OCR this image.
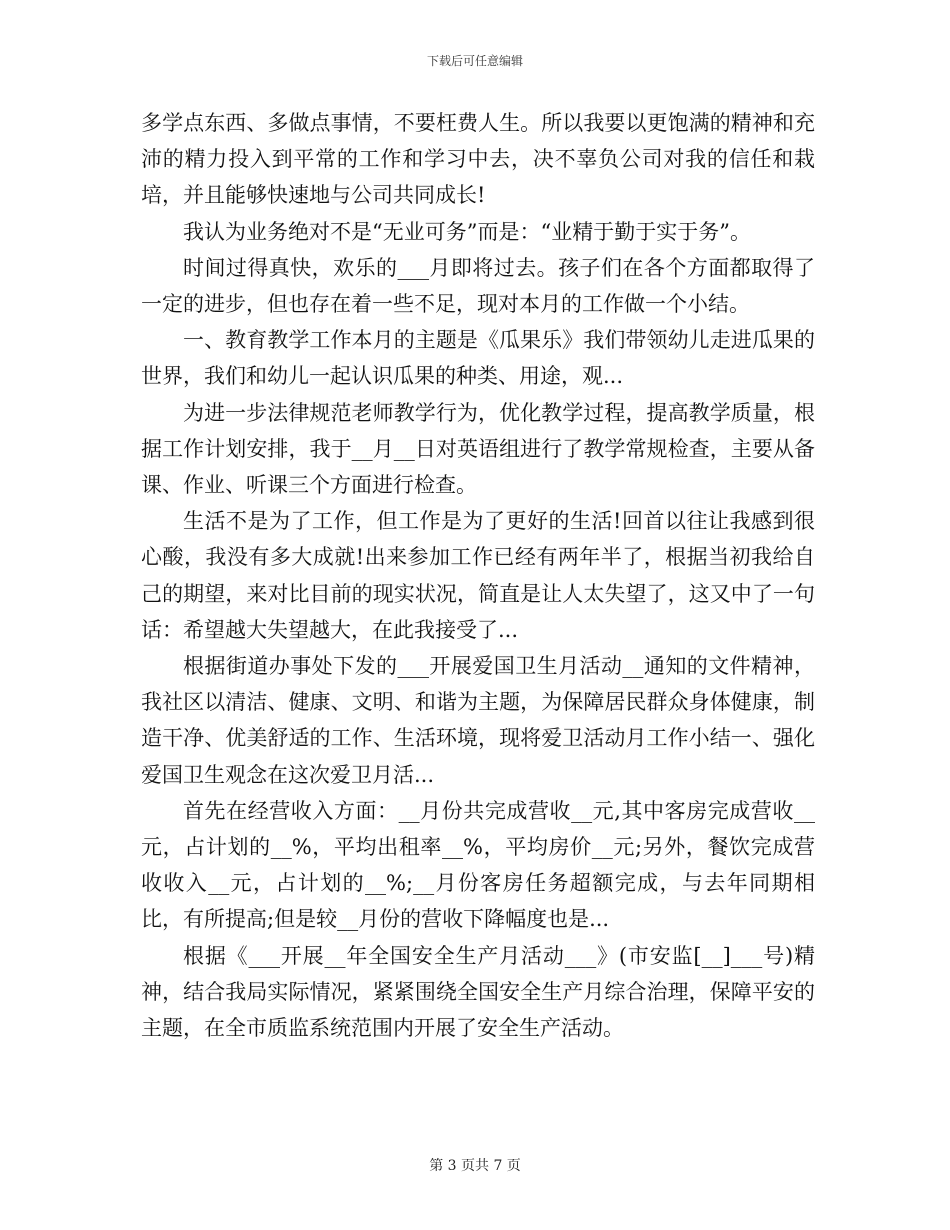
下载后可任意编辑

多学点东西、多做点事情，不要枉费人生。所以我要以更饱满的精神和充沛的精力投入到平常的工作和学习中去，决不辜负公司对我的信任和栽培，并且能够快速地与公司共同成长!

我认为业务绝对不是“无业可务”而是：“业精于勤于实于务”。

时间过得真快，欢乐的___月即将过去。孩子们在各个方面都取得了一定的进步，但也存在着一些不足，现对本月的工作做一个小结。

一、教育教学工作本月的主题是《瓜果乐》我们带领幼儿走进瓜果的世界，我们和幼儿一起认识瓜果的种类、用途，观...

为进一步法律规范老师教学行为，优化教学过程，提高教学质量，根据工作计划安排，我于__月__日对英语组进行了教学常规检查，主要从备课、作业、听课三个方面进行检查。

生活不是为了工作，但工作是为了更好的生活!回首以往让我感到很心酸，我没有多大成就!出来参加工作已经有两年半了，根据当初我给自己的期望，来对比目前的现实状况，简直是让人太失望了，这又中了一句话：希望越大失望越大，在此我接受了...

根据街道办事处下发的___开展爱国卫生月活动__通知的文件精神，我社区以清洁、健康、文明、和谐为主题，为保障居民群众身体健康，制造干净、优美舒适的工作、生活环境，现将爱卫活动月工作小结一、强化爱国卫生观念在这次爱卫月活...

首先在经营收入方面：__月份共完成营收__元,其中客房完成营收__元，占计划的__%，平均出租率__%，平均房价__元;另外，餐饮完成营收收入__元，占计划的__%;__月份客房任务超额完成，与去年同期相比，有所提高;但是较__月份的营收下降幅度也是...

根据《___开展__年全国安全生产月活动___》(市安监[__]___号)精神，结合我局实际情况，紧紧围绕全国安全生产月综合治理，保障平安的主题，在全市质监系统范围内开展了安全生产活动。

第 3 页共 7 页
